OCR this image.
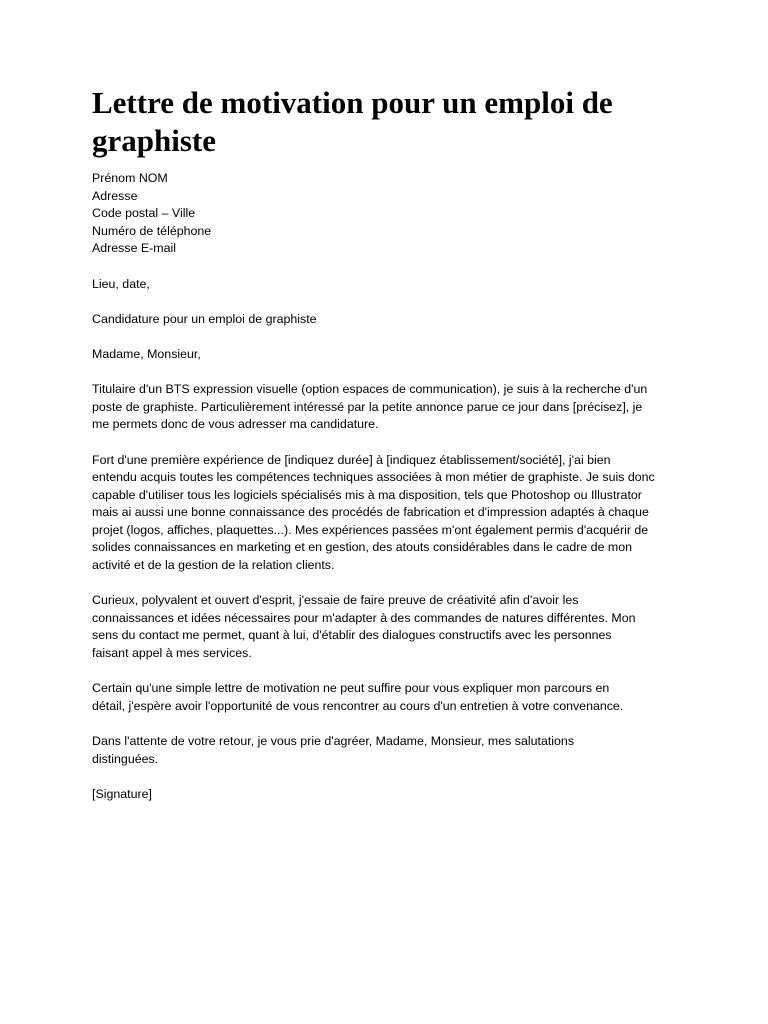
Lettre de motivation pour un emploi de graphiste

Prénom NOM

Adresse

Code postal – Ville

Numéro de téléphone

Adresse E-mail

Lieu, date,

Candidature pour un emploi de graphiste

Madame, Monsieur,

Titulaire d'un BTS expression visuelle (option espaces de communication), je suis à la recherche d'un
poste de graphiste. Particulièrement intéressé par la petite annonce parue ce jour dans [précisez], je
me permets donc de vous adresser ma candidature.

Fort d'une première expérience de [indiquez durée] à [indiquez établissement/société], j'ai bien
entendu acquis toutes les compétences techniques associées à mon métier de graphiste. Je suis donc
capable d'utiliser tous les logiciels spécialisés mis à ma disposition, tels que Photoshop ou Illustrator
mais ai aussi une bonne connaissance des procédés de fabrication et d'impression adaptés à chaque
projet (logos, affiches, plaquettes...). Mes expériences passées m'ont également permis d'acquérir de
solides connaissances en marketing et en gestion, des atouts considérables dans le cadre de mon
activité et de la gestion de la relation clients.

Curieux, polyvalent et ouvert d'esprit, j'essaie de faire preuve de créativité afin d'avoir les
connaissances et idées nécessaires pour m'adapter à des commandes de natures différentes. Mon
sens du contact me permet, quant à lui, d'établir des dialogues constructifs avec les personnes
faisant appel à mes services.

Certain qu'une simple lettre de motivation ne peut suffire pour vous expliquer mon parcours en
détail, j'espère avoir l'opportunité de vous rencontrer au cours d'un entretien à votre convenance.

Dans l'attente de votre retour, je vous prie d'agréer, Madame, Monsieur, mes salutations
distinguées.

[Signature]
